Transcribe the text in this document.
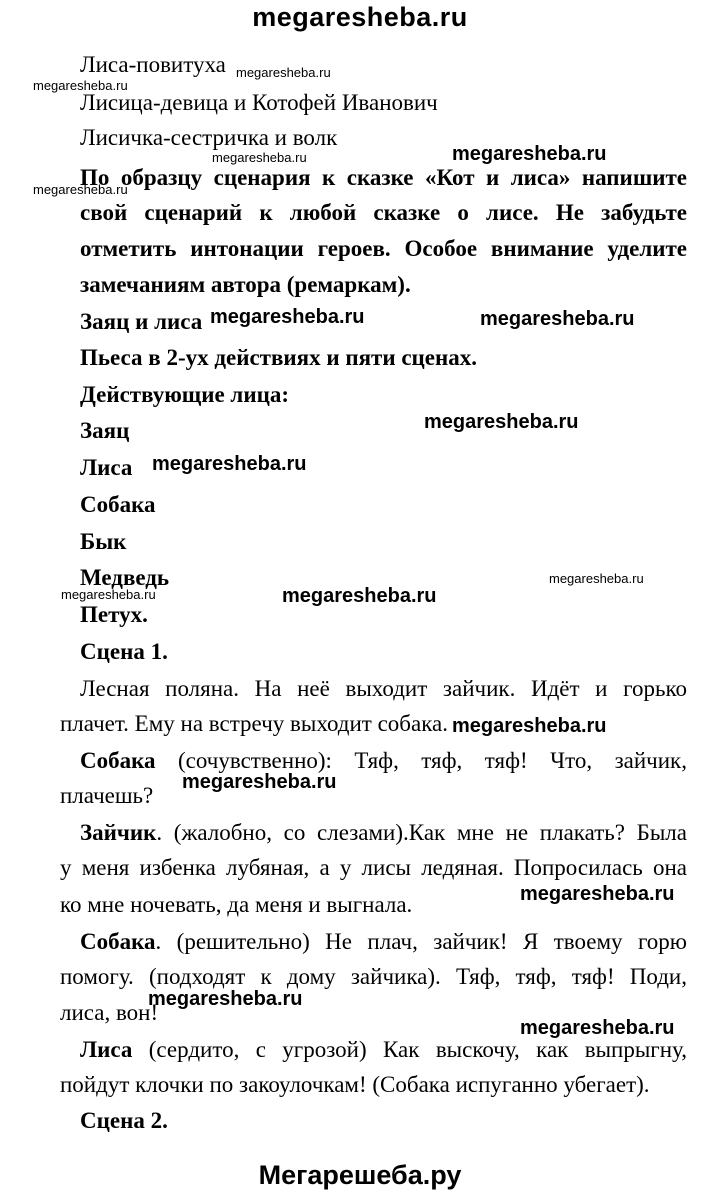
megaresheba.ru
Лиса-повитуха
Лисица-девица и Котофей Иванович
Лисичка-сестричка и волк
По образцу сценария к сказке «Кот и лиса» напишите
свой сценарий к любой сказке о лисе. Не забудьте
отметить интонации героев. Особое внимание уделите
замечаниям автора (ремаркам).
Заяц и лиса
Пьеса в 2-ух действиях и пяти сценах.
Действующие лица:
Заяц
Лиса
Собака
Бык
Медведь
Петух.
Сцена 1.
Лесная поляна. На неё выходит зайчик. Идёт и горько
плачет. Ему на встречу выходит собака.
Собака (сочувственно): Тяф, тяф, тяф! Что, зайчик,
плачешь?
Зайчик. (жалобно, со слезами).Как мне не плакать? Была
у меня избенка лубяная, а у лисы ледяная. Попросилась она
ко мне ночевать, да меня и выгнала.
Собака. (решительно) Не плач, зайчик! Я твоему горю
помогу. (подходят к дому зайчика). Тяф, тяф, тяф! Поди,
лиса, вон!
Лиса (сердито, с угрозой) Как выскочу, как выпрыгну,
пойдут клочки по закоулочкам! (Собака испуганно убегает).
Сцена 2.
megaresheba.ru
megaresheba.ru
megaresheba.ru	megaresheba.ru
megaresheba.ru
megaresheba.ru	megaresheba.ru
megaresheba.ru
megaresheba.ru
megaresheba.ru
megaresheba.ru	megaresheba.ru
megaresheba.ru
megaresheba.ru
megaresheba.ru
megaresheba.ru
megaresheba.ru
Мегарешеба.ру
